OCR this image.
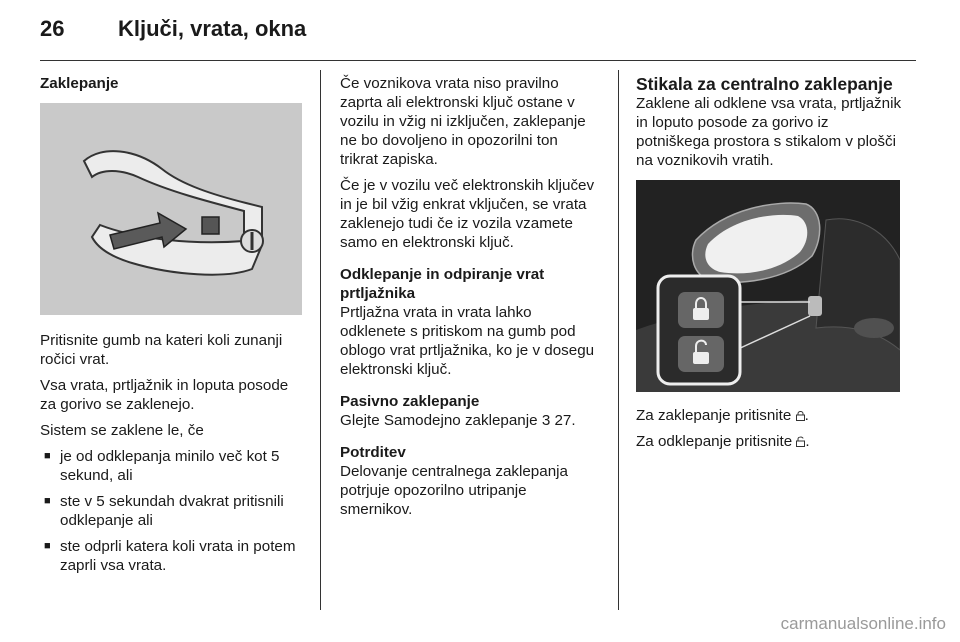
26 Ključi, vrata, okna

Zaklepanje

Pritisnite gumb na kateri koli zunanji ročici vrat.

Vsa vrata, prtljažnik in loputa posode za gorivo se zaklenejo.

Sistem se zaklene le, če

■ je od odklepanja minilo več kot 5 sekund, ali
■ ste v 5 sekundah dvakrat pritisnili odklepanje ali
■ ste odprli katera koli vrata in potem zaprli vsa vrata.

Če voznikova vrata niso pravilno zaprta ali elektronski ključ ostane v vozilu in vžig ni izključen, zaklepanje ne bo dovoljeno in opozorilni ton trikrat zapiska.

Če je v vozilu več elektronskih ključev in je bil vžig enkrat vključen, se vrata zaklenejo tudi če iz vozila vzamete samo en elektronski ključ.

Odklepanje in odpiranje vrat prtljažnika

Prtljažna vrata in vrata lahko odklenete s pritiskom na gumb pod oblogo vrat prtljažnika, ko je v dosegu elektronski ključ.

Pasivno zaklepanje

Glejte Samodejno zaklepanje 3 27.

Potrditev

Delovanje centralnega zaklepanja potrjuje opozorilno utripanje smernikov.

Stikala za centralno zaklepanje

Zaklene ali odklene vsa vrata, prtljažnik in loputo posode za gorivo iz potniškega prostora s stikalom v plošči na voznikovih vratih.

Za zaklepanje pritisnite .

Za odklepanje pritisnite .

carmanualsonline.info
